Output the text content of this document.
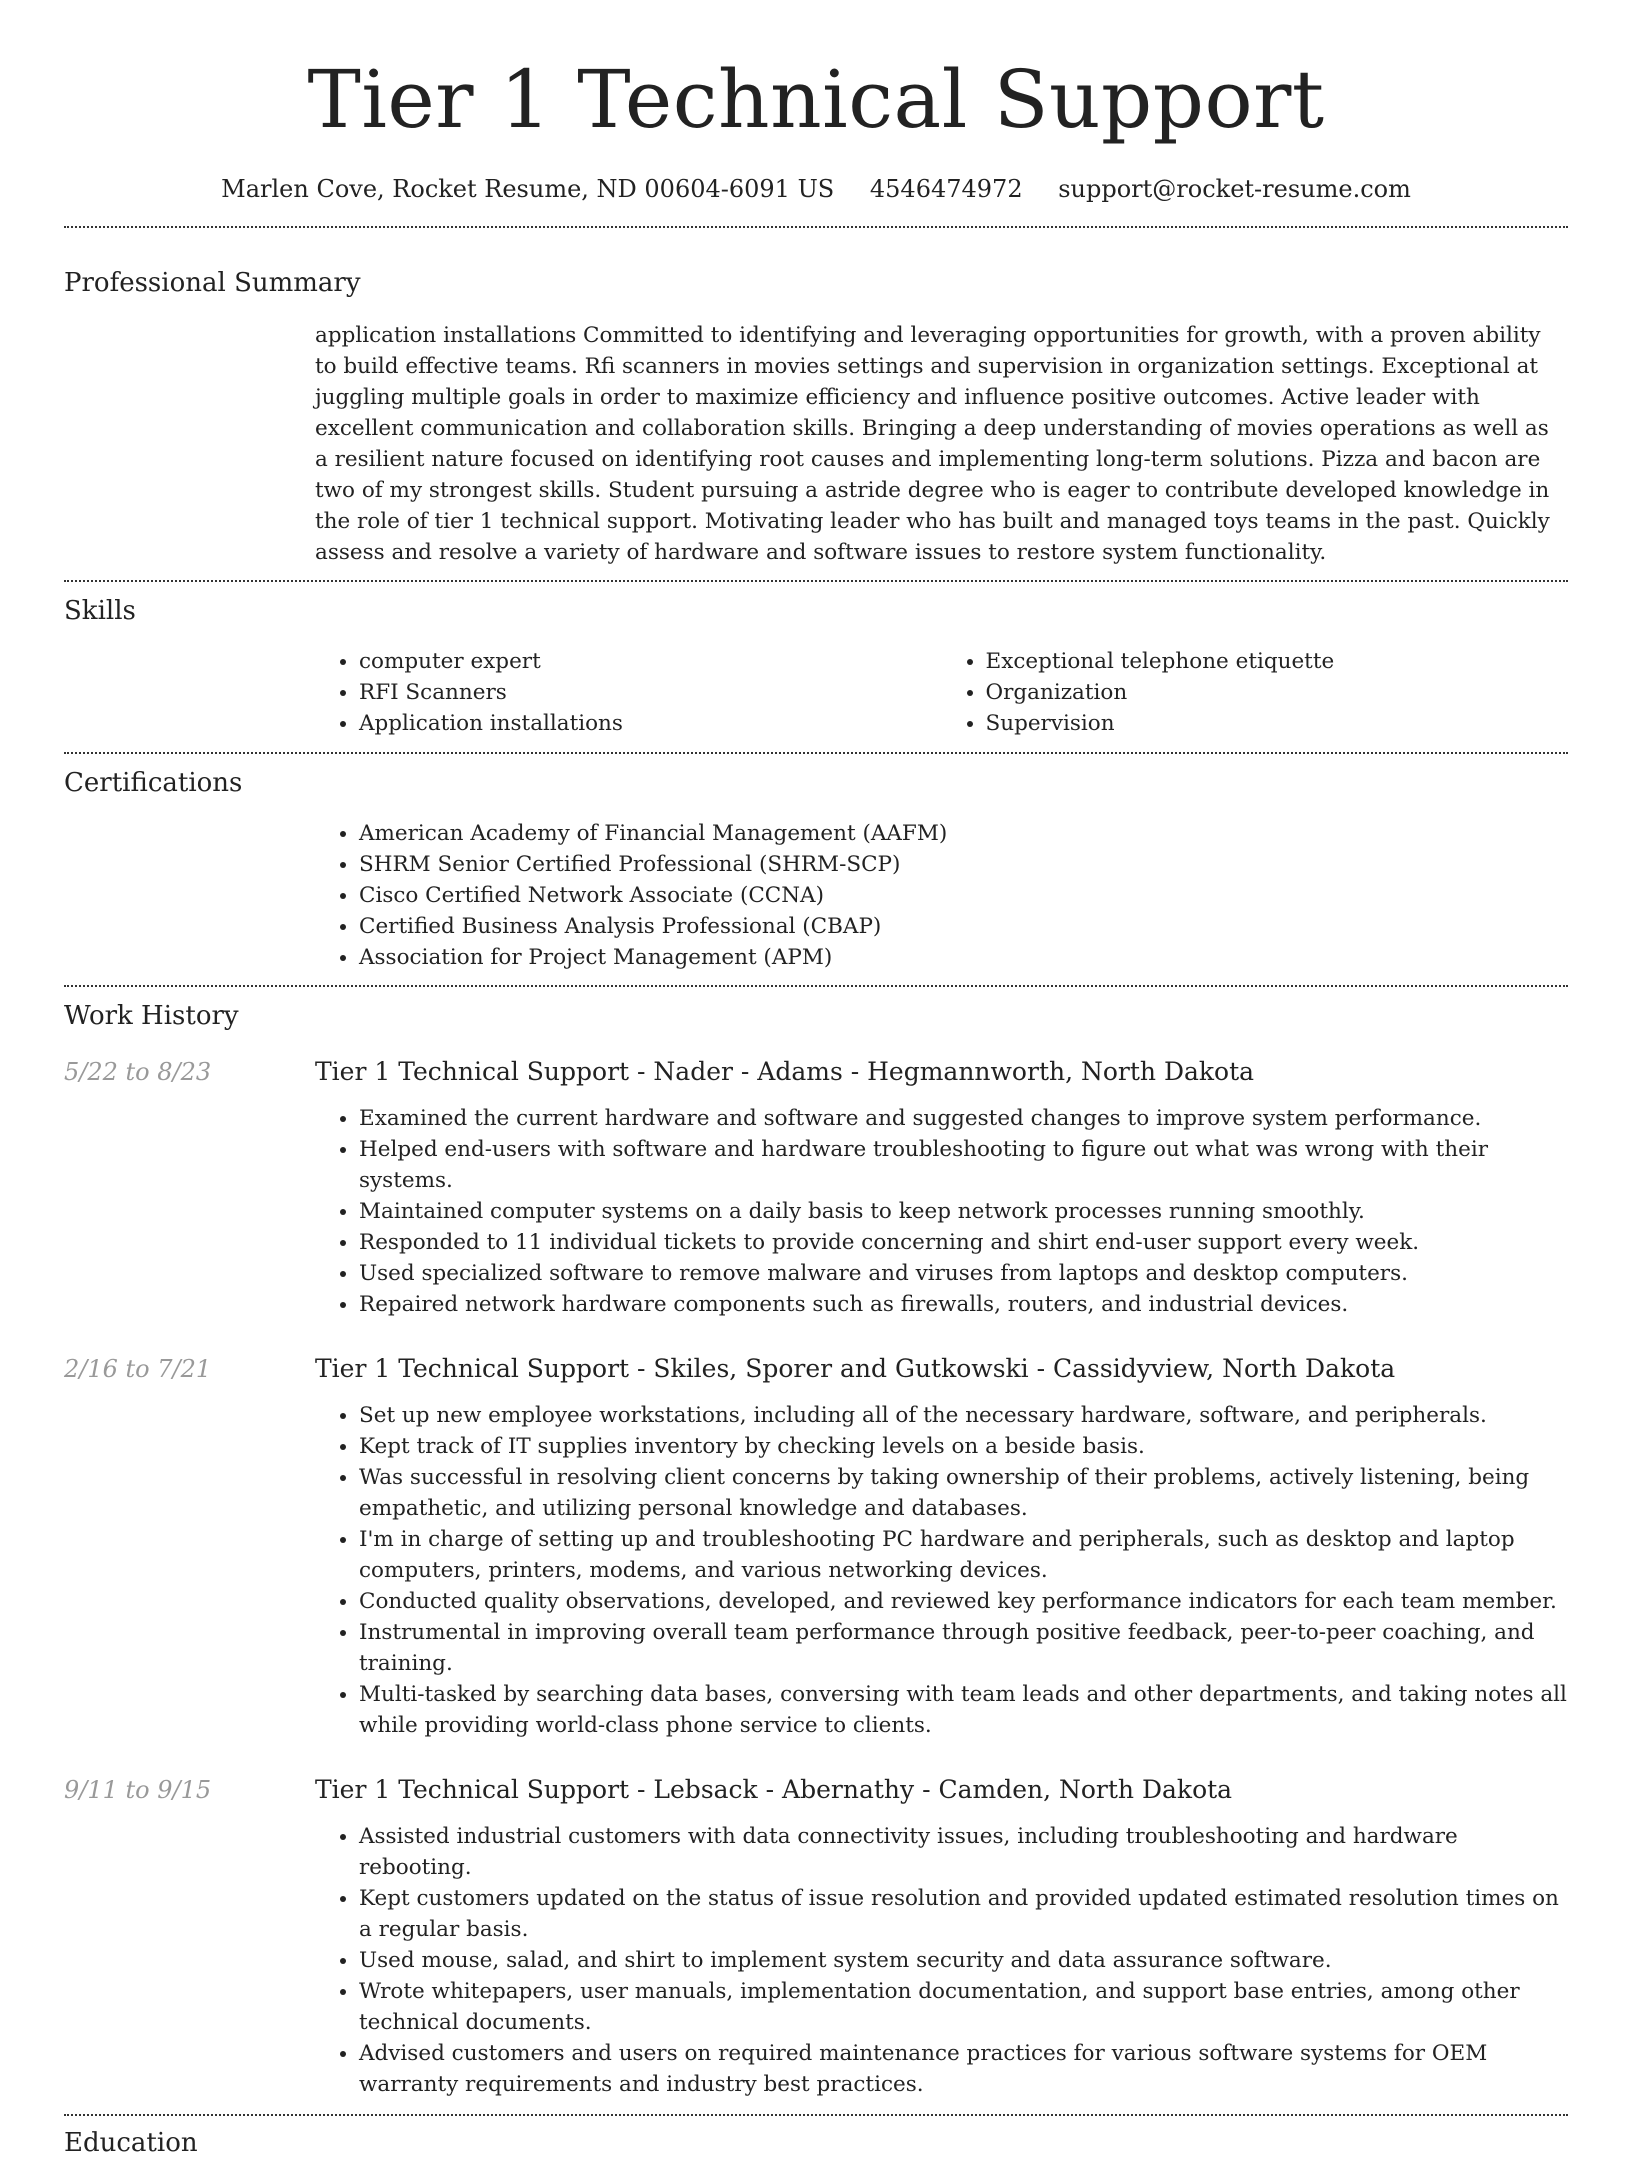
Tier 1 Technical Support
Marlen Cove, Rocket Resume, ND 00604-6091 US 4546474972 support@rocket-resume.com
Professional Summary
application installations Committed to identifying and leveraging opportunities for growth, with a proven ability to build effective teams. Rfi scanners in movies settings and supervision in organization settings. Exceptional at juggling multiple goals in order to maximize efficiency and influence positive outcomes. Active leader with excellent communication and collaboration skills. Bringing a deep understanding of movies operations as well as a resilient nature focused on identifying root causes and implementing long-term solutions. Pizza and bacon are two of my strongest skills. Student pursuing a astride degree who is eager to contribute developed knowledge in the role of tier 1 technical support. Motivating leader who has built and managed toys teams in the past. Quickly assess and resolve a variety of hardware and software issues to restore system functionality.
Skills
• computer expert
• RFI Scanners
• Application installations
• Exceptional telephone etiquette
• Organization
• Supervision
Certifications
• American Academy of Financial Management (AAFM)
• SHRM Senior Certified Professional (SHRM-SCP)
• Cisco Certified Network Associate (CCNA)
• Certified Business Analysis Professional (CBAP)
• Association for Project Management (APM)
Work History
5/22 to 8/23	Tier 1 Technical Support - Nader - Adams - Hegmannworth, North Dakota
• Examined the current hardware and software and suggested changes to improve system performance.
• Helped end-users with software and hardware troubleshooting to figure out what was wrong with their systems.
• Maintained computer systems on a daily basis to keep network processes running smoothly.
• Responded to 11 individual tickets to provide concerning and shirt end-user support every week.
• Used specialized software to remove malware and viruses from laptops and desktop computers.
• Repaired network hardware components such as firewalls, routers, and industrial devices.
2/16 to 7/21	Tier 1 Technical Support - Skiles, Sporer and Gutkowski - Cassidyview, North Dakota
• Set up new employee workstations, including all of the necessary hardware, software, and peripherals.
• Kept track of IT supplies inventory by checking levels on a beside basis.
• Was successful in resolving client concerns by taking ownership of their problems, actively listening, being empathetic, and utilizing personal knowledge and databases.
• I'm in charge of setting up and troubleshooting PC hardware and peripherals, such as desktop and laptop computers, printers, modems, and various networking devices.
• Conducted quality observations, developed, and reviewed key performance indicators for each team member.
• Instrumental in improving overall team performance through positive feedback, peer-to-peer coaching, and training.
• Multi-tasked by searching data bases, conversing with team leads and other departments, and taking notes all while providing world-class phone service to clients.
9/11 to 9/15	Tier 1 Technical Support - Lebsack - Abernathy - Camden, North Dakota
• Assisted industrial customers with data connectivity issues, including troubleshooting and hardware rebooting.
• Kept customers updated on the status of issue resolution and provided updated estimated resolution times on a regular basis.
• Used mouse, salad, and shirt to implement system security and data assurance software.
• Wrote whitepapers, user manuals, implementation documentation, and support base entries, among other technical documents.
• Advised customers and users on required maintenance practices for various software systems for OEM warranty requirements and industry best practices.
Education
